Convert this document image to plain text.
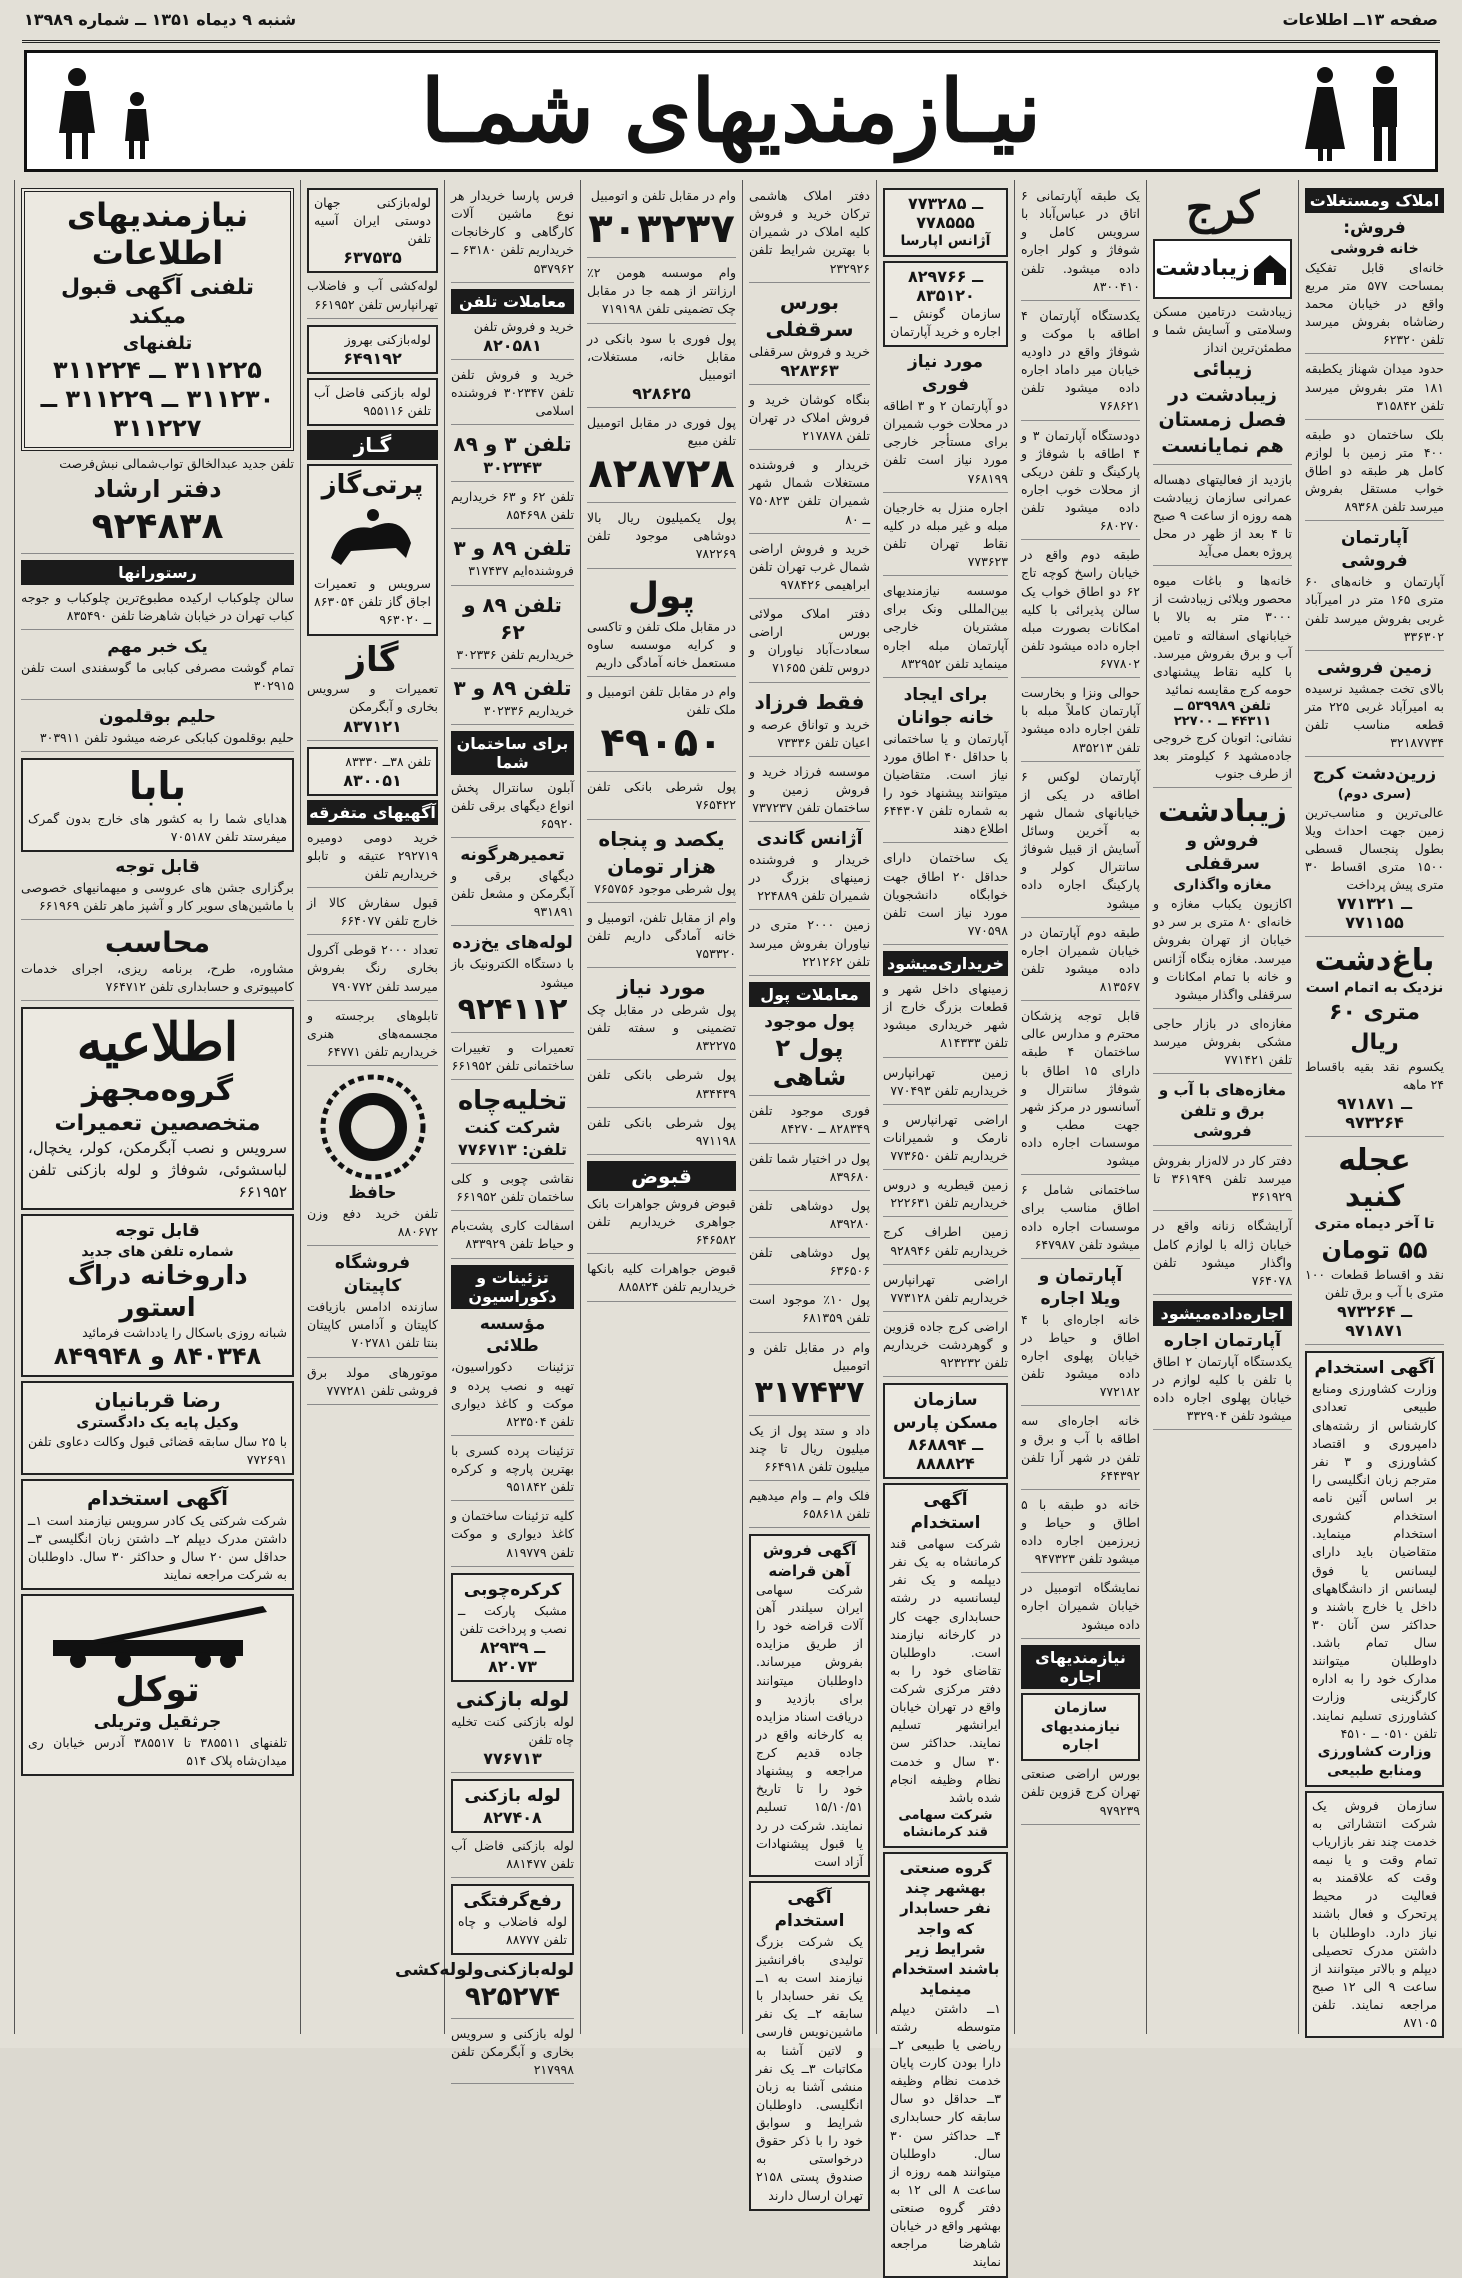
صفحه ۱۳ــ اطلاعات
شنبه ۹ دیماه ۱۳۵۱ ــ شماره ۱۳۹۸۹
نیـازمندیهای شمـا
املاک ومستغلات
فروش:
خانه فروشی
خانه‌ای قابل تفکیک بمساحت ۵۷۷ متر مربع واقع در خیابان محمد رضاشاه بفروش میرسد تلفن ۶۲۳۲۰
حدود میدان شهناز یکطبقه ۱۸۱ متر بفروش میرسد تلفن ۳۱۵۸۴۲
بلک ساختمان دو طبقه ۴۰۰ متر زمین با لوازم کامل هر طبقه دو اطاق خواب مستقل بفروش میرسد تلفن ۸۹۳۶۸
آپارتمان فروشی
آپارتمان و خانه‌های ۶۰ متری ۱۶۵ متر در امیرآباد غربی بفروش میرسد تلفن ۳۳۶۳۰۲
زمین فروشی
بالای تخت جمشید نرسیده به امیرآباد غربی ۲۲۵ متر قطعه مناسب تلفن ۳۲۱۸۷۷۳۴
زرین‌دشت کرج
(سری دوم)
عالی‌ترین و مناسب‌ترین زمین جهت احداث ویلا بطول پنجسال قسطی ۱۵۰۰ متری اقساط ۳۰ متری پیش پرداخت
۷۷۱۳۲۱ ــ ۷۷۱۱۵۵
باغ‌دشت
نزدیک به اتمام است
متری ۶۰ ریال
یکسوم نقد بقیه باقساط ۲۴ ماهه
۹۷۱۸۷۱ ــ ۹۷۳۲۶۴
عجله کنید
تا آخر دیماه متری
۵۵ تومان
نقد و اقساط قطعات ۱۰۰ متری با آب و برق تلفن
۹۷۳۲۶۴ ــ ۹۷۱۸۷۱
آگهی استخدام
وزارت کشاورزی ومنابع طبیعی تعدادی کارشناس از رشته‌های دامپروری و اقتصاد کشاورزی و ۳ نفر مترجم زبان انگلیسی را بر اساس آئین نامه استخدام کشوری استخدام مینماید. متقاضیان باید دارای لیسانس یا فوق لیسانس از دانشگاههای داخل یا خارج باشند و حداکثر سن آنان ۳۰ سال تمام باشد. داوطلبان میتوانند مدارک خود را به اداره کارگزینی وزارت کشاورزی تسلیم نمایند. تلفن ۰۵۱۰ ــ ۴۵۱۰
وزارت کشاورزی ومنابع طبیعی
سازمان فروش یک شرکت انتشاراتی به خدمت چند نفر بازاریاب تمام وقت و یا نیمه وقت که علاقمند به فعالیت در محیط پرتحرک و فعال باشند نیاز دارد. داوطلبان با داشتن مدرک تحصیلی دیپلم و بالاتر میتوانند از ساعت ۹ الی ۱۲ صبح مراجعه نمایند. تلفن ۸۷۱۰۵
کرج
زیبادشت
زیبادشت درتامین مسکن وسلامتی و آسایش شما و مطمئن‌ترین انداز
زیبائی زیبادشت در فصل زمستان هم نمایانست
بازدید از فعالیتهای دهساله عمرانی سازمان زیبادشت همه روزه از ساعت ۹ صبح تا ۴ بعد از ظهر در محل پروژه بعمل می‌آید
خانه‌ها و باغات میوه محصور ویلائی زیبادشت از ۳۰۰۰ متر به بالا با خیابانهای اسفالته و تامین آب و برق بفروش میرسد. با کلیه نقاط پیشنهادی حومه کرج مقایسه نمائید
تلفن ۵۳۹۹۸۹ ــ ۴۴۳۱۱ ــ ۲۲۷۰۰
نشانی: اتوبان کرج خروجی جاده‌مشهد ۶ کیلومتر بعد از طرف جنوب
زیبادشت
فروش و سرقفلی
مغازه واگذاری
اکازیون یکباب مغازه و خانه‌ای ۸۰ متری بر سر دو خیابان از تهران بفروش میرسد. مغازه بنگاه آژانس و خانه با تمام امکانات و سرقفلی واگذار میشود
مغازه‌ای در بازار حاجی مشکی بفروش میرسد تلفن ۷۷۱۴۲۱
مغازه‌های با آب و برق و تلفن فروشی
دفتر کار در لاله‌زار بفروش میرسد تلفن ۳۶۱۹۴۹ تا ۳۶۱۹۲۹
آرایشگاه زنانه واقع در خیابان ژاله با لوازم کامل واگذار میشود تلفن ۷۶۴۰۷۸
اجاره‌داده‌میشود
آپارتمان اجاره
یکدستگاه آپارتمان ۲ اطاق با تلفن با کلیه لوازم در خیابان پهلوی اجاره داده میشود تلفن ۳۳۲۹۰۴
یک طبقه آپارتمانی ۶ اتاق در عباس‌آباد با سرویس کامل و شوفاژ و کولر اجاره داده میشود. تلفن ۸۳۰۰۴۱۰
یکدستگاه آپارتمان ۴ اطاقه با موکت و شوفاژ واقع در داودیه خیابان میر داماد اجاره داده میشود تلفن ۷۶۸۶۲۱
دودستگاه آپارتمان ۳ و ۴ اطاقه با شوفاژ و پارکینگ و تلفن دریکی از محلات خوب اجاره داده میشود تلفن ۶۸۰۲۷۰
طبقه دوم واقع در خیابان راسخ کوچه تاج ۶۲ دو اطاق خواب یک سالن پذیرائی با کلیه امکانات بصورت مبله اجاره داده میشود تلفن ۶۷۷۸۰۲
حوالی ونزا و بخارست آپارتمان کاملاً مبله با تلفن اجاره داده میشود تلفن ۸۳۵۲۱۳
آپارتمان لوکس ۶ اطاقه در یکی از خیابانهای شمال شهر به آخرین وسائل آسایش از قبیل شوفاژ سانترال کولر و پارکینگ اجاره داده میشود
طبقه دوم آپارتمان در خیابان شمیران اجاره داده میشود تلفن ۸۱۳۵۶۷
قابل توجه پزشکان محترم و مدارس عالی ساختمان ۴ طبقه دارای ۱۵ اطاق با شوفاژ سانترال و آسانسور در مرکز شهر جهت مطب و موسسات اجاره داده میشود
ساختمانی شامل ۶ اطاق مناسب برای موسسات اجاره داده میشود تلفن ۶۴۷۹۸۷
آپارتمان و ویلا اجاره
خانه اجاره‌ای با ۴ اطاق و حیاط در خیابان پهلوی اجاره داده میشود تلفن ۷۷۲۱۸۲
خانه اجاره‌ای سه اطاقه با آب و برق و تلفن در شهر آرا تلفن ۶۴۴۳۹۲
خانه دو طبقه با ۵ اطاق و حیاط و زیرزمین اجاره داده میشود تلفن ۹۴۷۳۲۳
نمایشگاه اتومبیل در خیابان شمیران اجاره داده میشود
نیازمندیهای اجاره
سازمان نیازمندیهای اجاره
بورس اراضی صنعتی تهران کرج قزوین تلفن ۹۷۹۲۳۹
۷۷۳۲۸۵ ــ ۷۷۸۵۵۵
آژانس اپارسا
۸۲۹۷۶۶ ــ ۸۳۵۱۲۰
سازمان گونش ــ اجاره و خرید آپارتمان
مورد نیاز فوری
دو آپارتمان ۲ و ۳ اطاقه در محلات خوب شمیران برای مستأجر خارجی مورد نیاز است تلفن ۷۶۸۱۹۹
اجاره منزل به خارجیان مبله و غیر مبله در کلیه نقاط تهران تلفن ۷۷۳۶۲۳
موسسه نیازمندیهای بین‌المللی ونک برای مشتریان خارجی آپارتمان مبله اجاره مینماید تلفن ۸۳۲۹۵۲
برای ایجاد خانه جوانان
آپارتمان و یا ساختمانی با حداقل ۴۰ اطاق مورد نیاز است. متقاضیان میتوانند پیشنهاد خود را به شماره تلفن ۶۴۴۳۰۷ اطلاع دهند
یک ساختمان دارای حداقل ۲۰ اطاق جهت خوابگاه دانشجویان مورد نیاز است تلفن ۷۷۰۵۹۸
خریداری‌میشود
زمینهای داخل شهر و قطعات بزرگ خارج از شهر خریداری میشود تلفن ۸۱۴۳۳۳
زمین تهرانپارس خریداریم تلفن ۷۷۰۴۹۳
اراضی تهرانپارس و نارمک و شمیرانات خریداریم تلفن ۷۷۳۶۵۰
زمین قیطریه و دروس خریداریم تلفن ۲۲۲۶۳۱
زمین اطراف کرج خریداریم تلفن ۹۲۸۹۴۶
اراضی تهرانپارس خریداریم تلفن ۷۷۳۱۲۸
اراضی کرج جاده قزوین و گوهردشت خریداریم تلفن ۹۲۳۲۳۲
سازمان مسکن پارس
۸۶۸۸۹۴ ــ ۸۸۸۸۲۴
آگهی استخدام
شرکت سهامی قند کرمانشاه به یک نفر دیپلمه و یک نفر لیسانسیه در رشته حسابداری جهت کار در کارخانه نیازمند است. داوطلبان تقاضای خود را به دفتر مرکزی شرکت واقع در تهران خیابان ایرانشهر تسلیم نمایند. حداکثر سن ۳۰ سال و خدمت نظام وظیفه انجام شده باشد
شرکت سهامی قند کرمانشاه
گروه صنعتی بهشهر چند نفر حسابدار که واجد شرایط زیر باشند استخدام مینماید
۱ــ داشتن دیپلم متوسطه رشته ریاضی یا طبیعی ۲ــ دارا بودن کارت پایان خدمت نظام وظیفه ۳ــ حداقل دو سال سابقه کار حسابداری ۴ــ حداکثر سن ۳۰ سال. داوطلبان میتوانند همه روزه از ساعت ۸ الی ۱۲ به دفتر گروه صنعتی بهشهر واقع در خیابان شاهرضا مراجعه نمایند
دفتر املاک هاشمی ترکان خرید و فروش کلیه املاک در شمیران با بهترین شرایط تلفن ۲۳۲۹۲۶
بورس سرقفلی
خرید و فروش سرقفلی
۹۲۸۳۶۳
بنگاه کوشان خرید و فروش املاک در تهران تلفن ۲۱۷۸۷۸
خریدار و فروشنده مستغلات شمال شهر شمیران تلفن ۷۵۰۸۲۳ ــ ۸۰
خرید و فروش اراضی شمال غرب تهران تلفن ابراهیمی ۹۷۸۴۲۶
دفتر املاک مولائی بورس اراضی سعادت‌آباد نیاوران و دروس تلفن ۷۱۶۵۵
فقط فرزاد
خرید و تواناق عرصه و اعیان تلفن ۷۳۳۳۶
موسسه فرزاد خرید و فروش زمین و ساختمان تلفن ۷۳۷۲۳۷
آژانس گاندی
خریدار و فروشنده زمینهای بزرگ در شمیران تلفن ۲۲۴۸۸۹
زمین ۲۰۰۰ متری در نیاوران بفروش میرسد تلفن ۲۲۱۲۶۲
معاملات پول
پول موجود
پول ۲ شاهی
فوری موجود تلفن ۸۲۸۳۴۹ ــ ۸۴۲۷۰
پول در اختیار شما تلفن ۸۳۹۶۸۰
پول دوشاهی تلفن ۸۳۹۲۸۰
پول دوشاهی تلفن ۶۳۶۵۰۶
پول ۱۰٪ موجود است تلفن ۶۸۱۳۵۹
وام در مقابل تلفن و اتومبیل
۳۱۷۴۳۷
داد و ستد پول از یک میلیون ریال تا چند میلیون تلفن ۶۶۴۹۱۸
فلک وام ــ وام میدهیم تلفن ۶۵۸۶۱۸
آگهی فروش آهن قراضه
شرکت سهامی ایران سیلندر آهن آلات قراضه خود را از طریق مزایده بفروش میرساند. داوطلبان میتوانند برای بازدید و دریافت اسناد مزایده به کارخانه واقع در جاده قدیم کرج مراجعه و پیشنهاد خود را تا تاریخ ۱۵/۱۰/۵۱ تسلیم نمایند. شرکت در رد یا قبول پیشنهادات آزاد است
آگهی استخدام
یک شرکت بزرگ تولیدی بافرانشیز نیازمند است به ۱ــ یک نفر حسابدار با سابقه ۲ــ یک نفر ماشین‌نویس فارسی و لاتین آشنا به مکاتبات ۳ــ یک نفر منشی آشنا به زبان انگلیسی. داوطلبان شرایط و سوابق خود را با ذکر حقوق درخواستی به صندوق پستی ۲۱۵۸ تهران ارسال دارند
وام در مقابل تلفن و اتومبیل
۳۰۳۲۳۷
وام موسسه هومن ۲٪ ارزانتر از همه جا در مقابل چک تضمینی تلفن ۷۱۹۱۹۸
پول فوری با سود بانکی در مقابل خانه، مستغلات، اتومبیل
۹۲۸۶۲۵
پول فوری در مقابل اتومبیل تلفن مبیع
۸۲۸۷۲۸
پول یکمیلیون ریال بالا دوشاهی موجود تلفن ۷۸۲۲۶۹
پول
در مقابل ملک تلفن و تاکسی و کرایه موسسه ساوه مستعمل خانه آمادگی داریم
وام در مقابل تلفن اتومبیل و ملک تلفن
۴۹۰۵۰
پول شرطی بانکی تلفن ۷۶۵۴۲۲
یکصد و پنجاه هزار تومان
پول شرطی موجود ۷۶۵۷۵۶
وام از مقابل تلفن، اتومبیل و خانه آمادگی داریم تلفن ۷۵۳۳۲۰
مورد نیاز
پول شرطی در مقابل چک تضمینی و سفته تلفن ۸۳۲۲۷۵
پول شرطی بانکی تلفن ۸۳۴۴۳۹
پول شرطی بانکی تلفن ۹۷۱۱۹۸
قبوض
قبوض فروش جواهرات بانک جواهری خریداریم تلفن ۶۴۶۵۸۲
قبوض جواهرات کلیه بانکها خریداریم تلفن ۸۸۵۸۲۴
فرس پارسا خریدار هر نوع ماشین آلات کارگاهی و کارخانجات خریداریم تلفن ۶۳۱۸۰ ــ ۵۳۷۹۶۲
معاملات تلفن
خرید و فروش تلفن
۸۲۰۵۸۱
خرید و فروش تلفن تلفن ۳۰۲۳۴۷ فروشنده اسلامی
تلفن ۳ و ۸۹
۳۰۲۳۴۳
تلفن ۶۲ و ۶۳ خریداریم تلفن ۸۵۴۶۹۸
تلفن ۸۹ و ۳
فروشنده‌ایم ۳۱۷۴۳۷
تلفن ۸۹ و ۶۲
خریداریم تلفن ۳۰۲۳۳۶
تلفن ۸۹ و ۳
خریداریم ۳۰۲۳۳۶
برای ساختمان شما
آبلون سانترال پخش انواع دیگهای برقی تلفن ۶۵۹۲۰
تعمیرهرگونه
دیگهای برقی و آبگرمکن و مشعل تلفن ۹۳۱۸۹۱
لوله‌های یخ‌زده
با دستگاه الکترونیک باز میشود
۹۲۴۱۱۲
تعمیرات و تغییرات ساختمانی تلفن ۶۶۱۹۵۲
تخلیه‌چاه
شرکت کنت
تلفن: ۷۷۶۷۱۳
نقاشی چوبی و کلی ساختمان تلفن ۶۶۱۹۵۲
اسفالت کاری پشت‌بام و حیاط تلفن ۸۳۳۹۲۹
تزئینات و دکوراسیون
مؤسسه طلائی
تزئینات دکوراسیون، تهیه و نصب پرده و موکت و کاغذ دیواری تلفن ۸۲۳۵۰۴
تزئینات پرده کسری با بهترین پارچه و کرکره تلفن ۹۵۱۸۴۲
کلیه تزئینات ساختمان و کاغذ دیواری و موکت تلفن ۸۱۹۷۷۹
کرکره‌چوبی
مشبک پارکت ــ نصب و پرداخت تلفن
۸۲۹۳۹ ــ ۸۲۰۷۳
لوله بازکنی
لوله بازکنی کنت تخلیه چاه تلفن
۷۷۶۷۱۳
لوله بازکنی
۸۲۷۴۰۸
لوله بازکنی فاضل آب تلفن ۸۸۱۴۷۷
رفع‌گرفتگی
لوله فاضلاب و چاه تلفن ۸۸۷۷۷
لوله‌بازکنی‌ولوله‌کشی
۹۲۵۲۷۴
لوله بازکنی و سرویس بخاری و آبگرمکن تلفن ۲۱۷۹۹۸
لوله‌بازکنی جهان دوستی ایران آسیه تلفن
۶۳۷۵۳۵
لوله‌کشی آب و فاضلاب تهرانپارس تلفن ۶۶۱۹۵۲
لوله‌بازکنی بهروز
۶۴۹۱۹۲
لوله بازکنی فاضل آب تلفن ۹۵۵۱۱۶
گـاز
پرتی‌گاز
سرویس و تعمیرات اجاق گاز تلفن ۸۶۳۰۵۴ ــ ۹۶۳۰۲۰
گاز
تعمیرات و سرویس بخاری و آبگرمکن
۸۳۷۱۲۱
تلفن ۳۸ــ ۸۳۳۳۰
۸۳۰۰۵۱
آگهیهای متفرقه
خرید دومی دومیره ۲۹۲۷۱۹ عتیقه و تابلو خریداریم تلفن
قبول سفارش کالا از خارج تلفن ۶۶۴۰۷۷
تعداد ۲۰۰۰ قوطی آکرول بخاری رنگ بفروش میرسد تلفن ۷۹۰۷۷۲
تابلوهای برجسته و مجسمه‌های هنری خریداریم تلفن ۶۴۷۷۱
حافظ
تلفن خرید دفع وزن ۸۸۰۶۷۲
فروشگاه کاپیتان
سازنده ادامس بازیافت کاپیتان و آدامس کاپیتان بنتا تلفن ۷۰۲۷۸۱
موتورهای مولد برق فروشی تلفن ۷۷۷۲۸۱
نیازمندیهای اطلاعات
تلفنی آگهی قبول میکند
تلفنهای
۳۱۱۲۲۵ ــ ۳۱۱۲۲۴
۳۱۱۲۳۰ ــ ۳۱۱۲۲۹ ــ ۳۱۱۲۲۷
تلفن جدید عبدالخالق تواب‌شمالی نبش‌فرصت
دفتر ارشاد
۹۲۴۸۳۸
رستورانها
سالن چلوکباب ارکیده مطبوع‌ترین چلوکباب و جوجه کباب تهران در خیابان شاهرضا تلفن ۸۳۵۴۹۰
یک خبر مهم
تمام گوشت مصرفی کبابی ما گوسفندی است تلفن ۳۰۲۹۱۵
حلیم بوقلمون
حلیم بوقلمون کبابکی عرضه میشود تلفن ۳۰۳۹۱۱
بابا
هدایای شما را به کشور های خارج بدون گمرک میفرستد تلفن ۷۰۵۱۸۷
قابل توجه
برگزاری جشن های عروسی و میهمانیهای خصوصی با ماشین‌های سویر کار و آشپز ماهر تلفن ۶۶۱۹۶۹
محاسب
مشاوره، طرح، برنامه ریزی، اجرای خدمات کامپیوتری و حسابداری تلفن ۷۶۴۷۱۲
اطلاعیه
گروه‌مجهز
متخصصین تعمیرات
سرویس و نصب آبگرمکن، کولر، یخچال، لباسشوئی، شوفاژ و لوله بازکنی تلفن ۶۶۱۹۵۲
قابل توجه
شماره تلفن های جدید
داروخانه دراگ استور
شبانه روزی باسکال را یادداشت فرمائید
۸۴۰۳۴۸ و ۸۴۹۹۴۸
رضا قربانیان
وکیل پایه یک دادگستری
با ۲۵ سال سابقه قضائی قبول وکالت دعاوی تلفن ۷۷۲۶۹۱
آگهی استخدام
شرکت شرکتی یک کادر سرویس نیازمند است ۱ــ داشتن مدرک دیپلم ۲ــ داشتن زبان انگلیسی ۳ــ حداقل سن ۲۰ سال و حداکثر ۳۰ سال. داوطلبان به شرکت مراجعه نمایند
توکل
جرثقیل وتریلی
تلفنهای ۳۸۵۵۱۱ تا ۳۸۵۵۱۷ آدرس خیابان ری میدان‌شاه پلاک ۵۱۴
